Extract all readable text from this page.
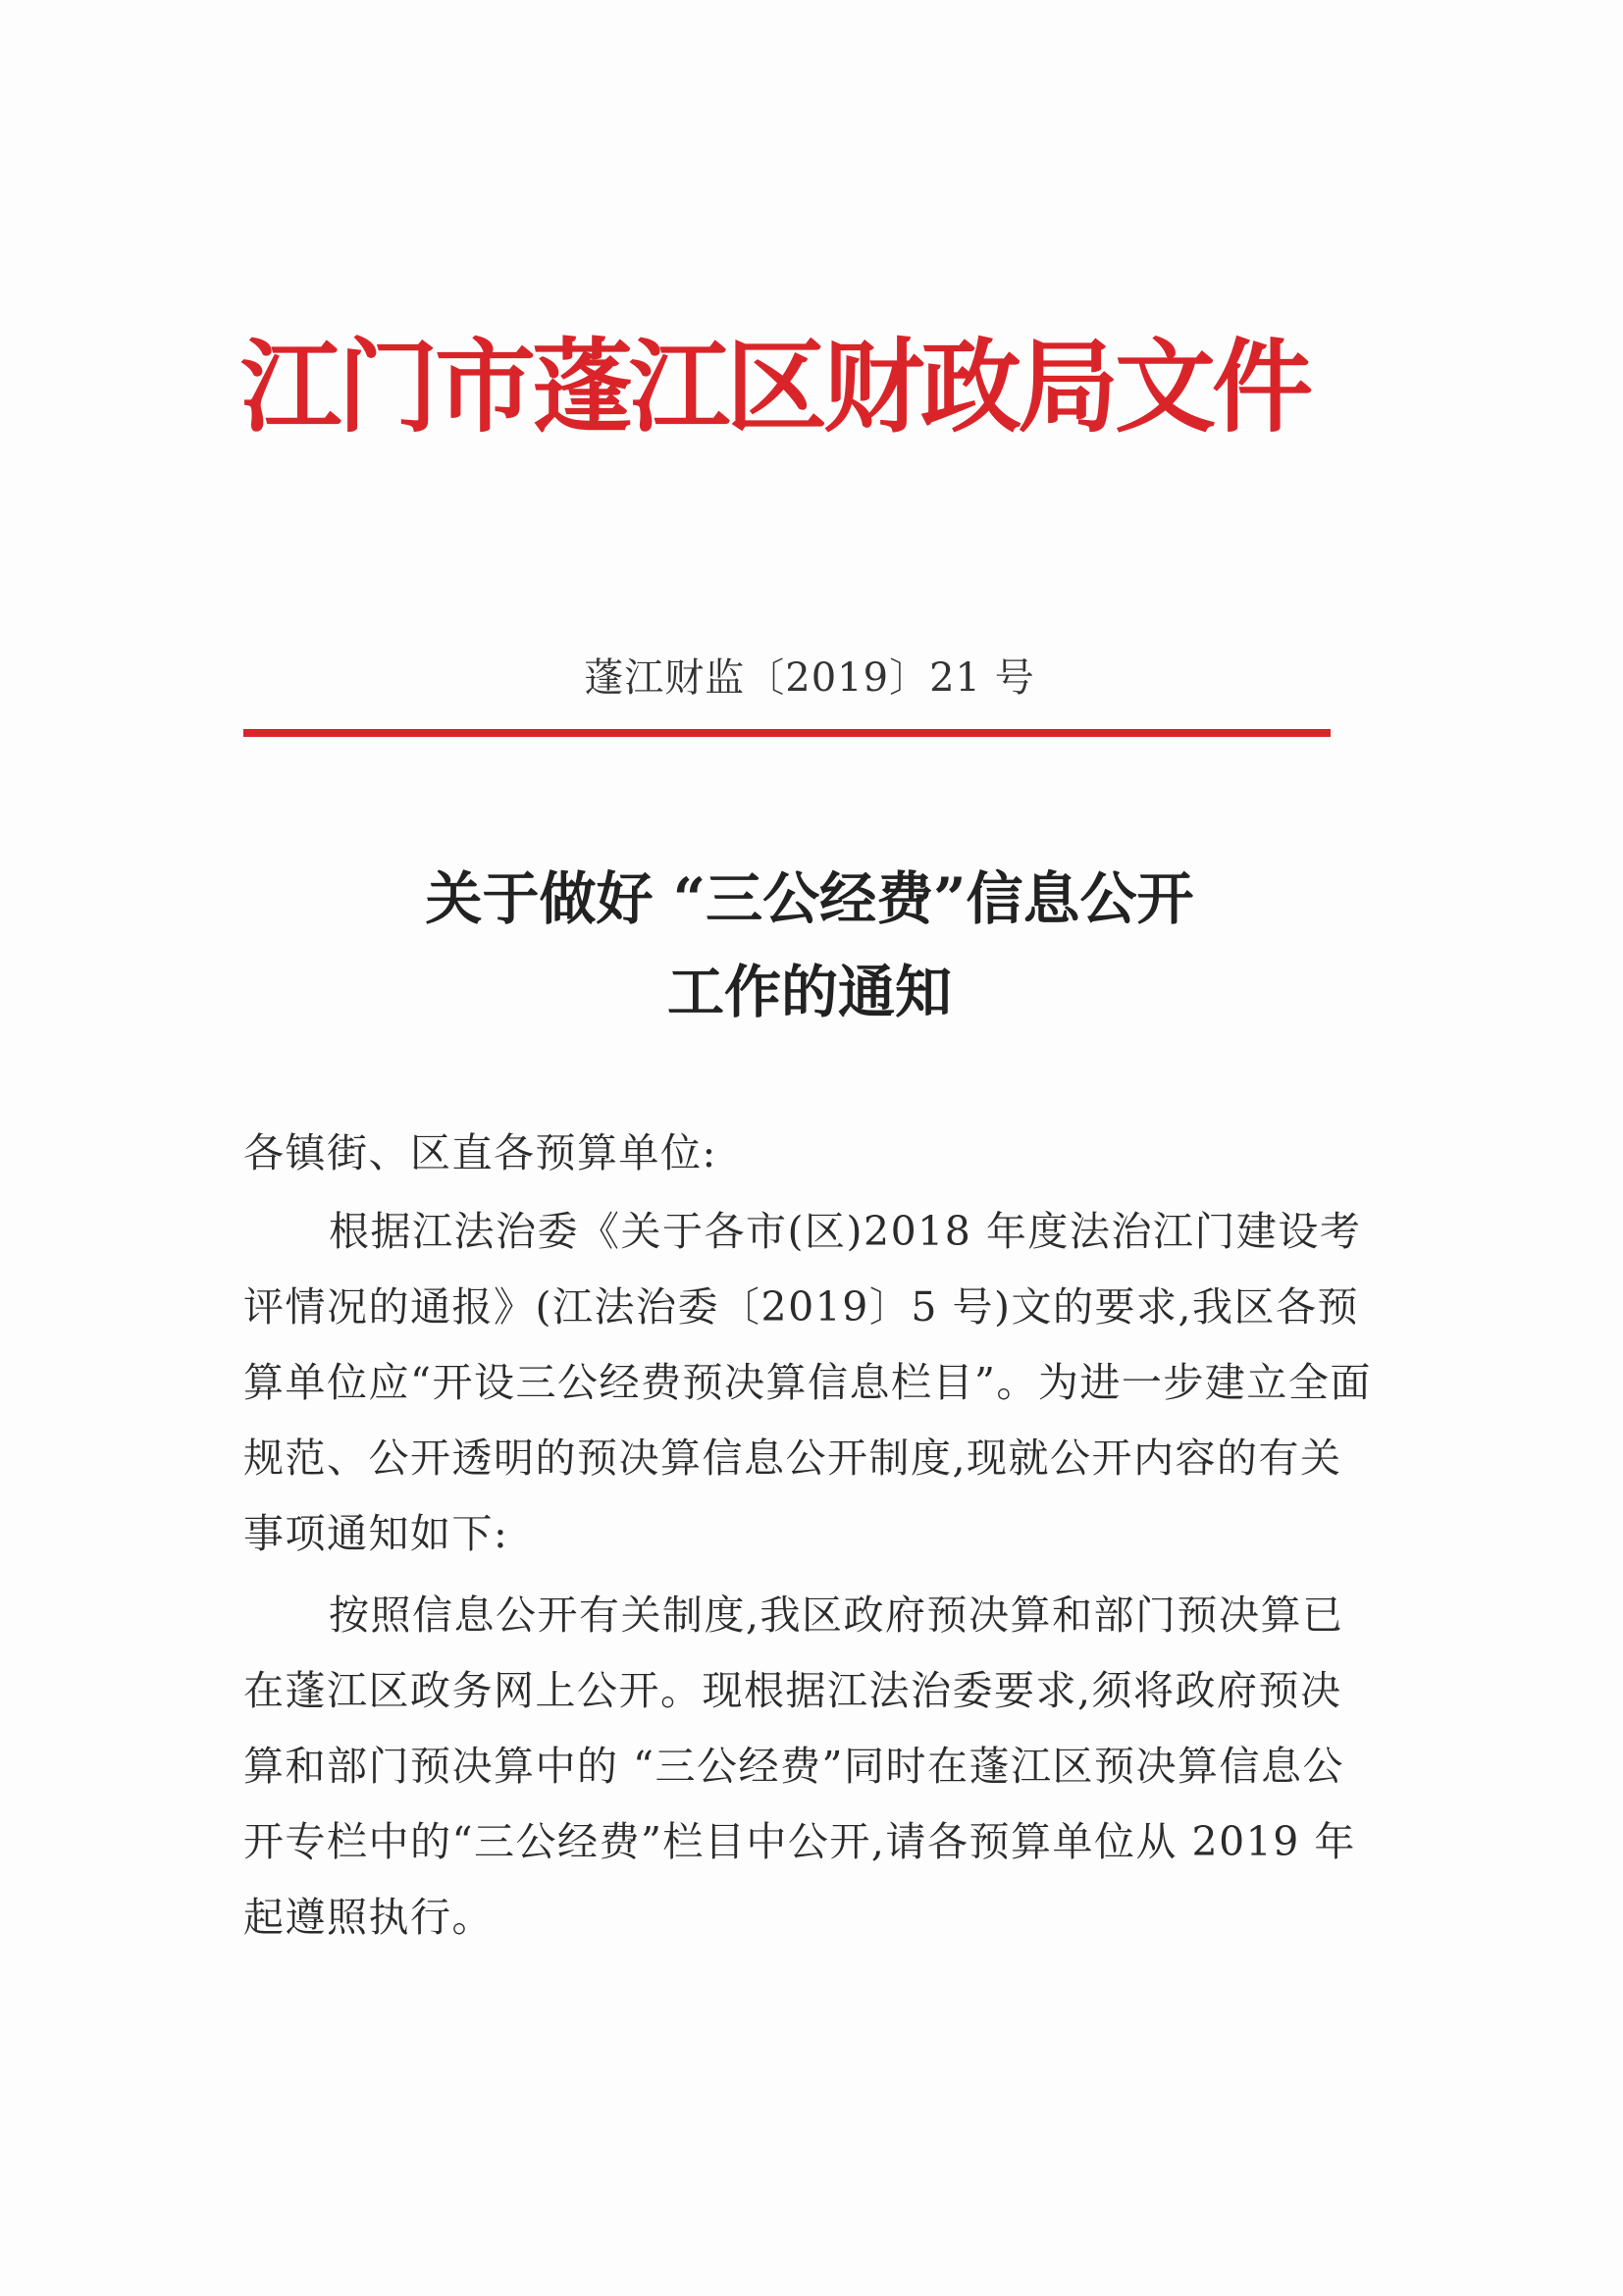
江门市蓬江区财政局文件
蓬江财监〔2019〕21 号
关于做好 “三公经费”信息公开
工作的通知
各镇街、区直各预算单位:
根据江法治委《关于各市(区)2018 年度法治江门建设考
评情况的通报》(江法治委〔2019〕5 号)文的要求,我区各预
算单位应“开设三公经费预决算信息栏目”。为进一步建立全面
规范、公开透明的预决算信息公开制度,现就公开内容的有关
事项通知如下:
按照信息公开有关制度,我区政府预决算和部门预决算已
在蓬江区政务网上公开。现根据江法治委要求,须将政府预决
算和部门预决算中的 “三公经费”同时在蓬江区预决算信息公
开专栏中的“三公经费”栏目中公开,请各预算单位从 2019 年
起遵照执行。
